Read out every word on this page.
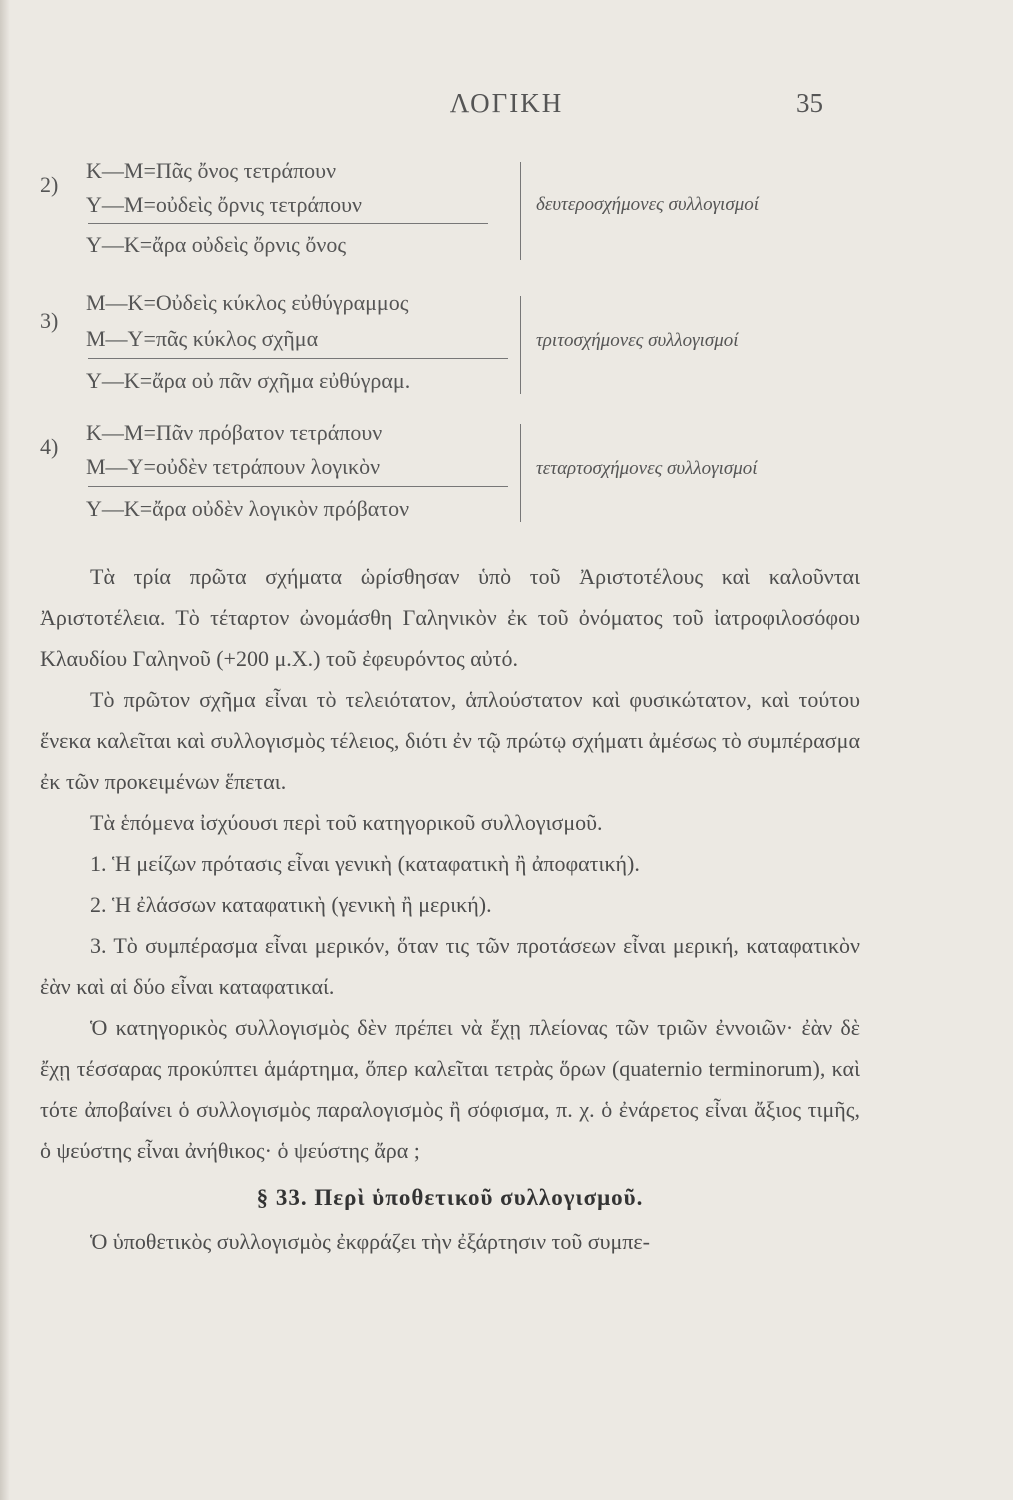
ΛΟΓΙΚΗ	35
2)
Κ—Μ=Πᾶς ὄνος τετράπουν
Υ—Μ=οὐδεὶς ὄρνις τετράπουν
Υ—Κ=ἄρα οὐδεὶς ὄρνις ὄνος
δευτεροσχήμονες συλλογισμοί
3)
Μ—Κ=Οὐδεὶς κύκλος εὐθύγραμμος
Μ—Υ=πᾶς κύκλος σχῆμα
Υ—Κ=ἄρα οὐ πᾶν σχῆμα εὐθύγραμ.
τριτοσχήμονες συλλογισμοί
4)
Κ—Μ=Πᾶν πρόβατον τετράπουν
Μ—Υ=οὐδὲν τετράπουν λογικὸν
Υ—Κ=ἄρα οὐδὲν λογικὸν πρόβατον
τεταρτοσχήμονες συλλογισμοί

Τὰ τρία πρῶτα σχήματα ὡρίσθησαν ὑπὸ τοῦ Ἀριστοτέλους καὶ καλοῦνται Ἀριστοτέλεια. Τὸ τέταρτον ὠνομάσθη Γαληνικὸν ἐκ τοῦ ὀνόματος τοῦ ἰατροφιλοσόφου Κλαυδίου Γαληνοῦ (+200 μ.Χ.) τοῦ ἐφευρόντος αὐτό.

Τὸ πρῶτον σχῆμα εἶναι τὸ τελειότατον, ἁπλούστατον καὶ φυσικώτατον, καὶ τούτου ἕνεκα καλεῖται καὶ συλλογισμὸς τέλειος, διότι ἐν τῷ πρώτῳ σχήματι ἀμέσως τὸ συμπέρασμα ἐκ τῶν προκειμένων ἕπεται.

Τὰ ἑπόμενα ἰσχύουσι περὶ τοῦ κατηγορικοῦ συλλογισμοῦ.

1. Ἡ μείζων πρότασις εἶναι γενικὴ (καταφατικὴ ἢ ἀποφατική).

2. Ἡ ἐλάσσων καταφατικὴ (γενικὴ ἢ μερική).

3. Τὸ συμπέρασμα εἶναι μερικόν, ὅταν τις τῶν προτάσεων εἶναι μερική, καταφατικὸν ἐὰν καὶ αἱ δύο εἶναι καταφατικαί.

Ὁ κατηγορικὸς συλλογισμὸς δὲν πρέπει νὰ ἔχῃ πλείονας τῶν τριῶν ἐννοιῶν· ἐὰν δὲ ἔχῃ τέσσαρας προκύπτει ἁμάρτημα, ὅπερ καλεῖται τετρὰς ὅρων (quaternio terminorum), καὶ τότε ἀποβαίνει ὁ συλλογισμὸς παραλογισμὸς ἢ σόφισμα, π. χ. ὁ ἐνάρετος εἶναι ἄξιος τιμῆς, ὁ ψεύστης εἶναι ἀνήθικος· ὁ ψεύστης ἄρα ;

§ 33. Περὶ ὑποθετικοῦ συλλογισμοῦ.

Ὁ ὑποθετικὸς συλλογισμὸς ἐκφράζει τὴν ἐξάρτησιν τοῦ συμπε-
